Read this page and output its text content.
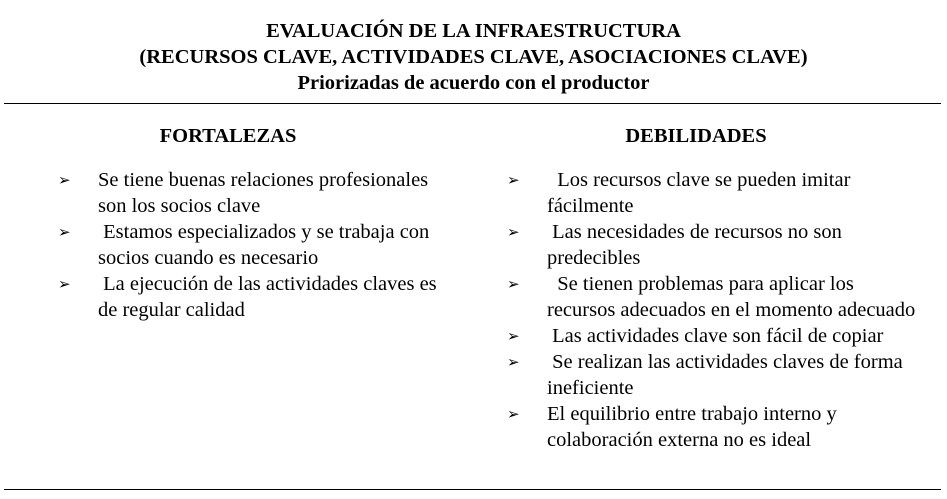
EVALUACIÓN DE LA INFRAESTRUCTURA
(RECURSOS CLAVE, ACTIVIDADES CLAVE, ASOCIACIONES CLAVE)
Priorizadas de acuerdo con el productor
FORTALEZAS	DEBILIDADES
➢ Se tiene buenas relaciones profesionales son los socios clave
➢ Estamos especializados y se trabaja con socios cuando es necesario
➢ La ejecución de las actividades claves es de regular calidad
➢ Los recursos clave se pueden imitar fácilmente
➢ Las necesidades de recursos no son predecibles
➢ Se tienen problemas para aplicar los recursos adecuados en el momento adecuado
➢ Las actividades clave son fácil de copiar
➢ Se realizan las actividades claves de forma ineficiente
➢ El equilibrio entre trabajo interno y colaboración externa no es ideal
